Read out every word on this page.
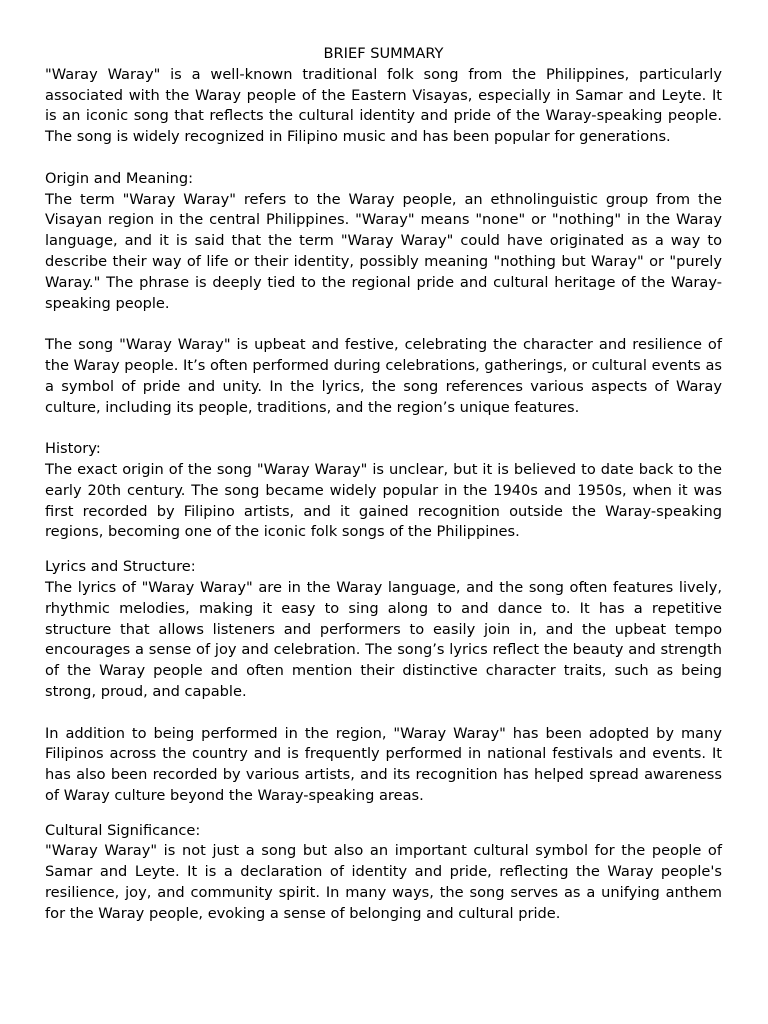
BRIEF SUMMARY

"Waray Waray" is a well-known traditional folk song from the Philippines, particularly associated with the Waray people of the Eastern Visayas, especially in Samar and Leyte. It is an iconic song that reflects the cultural identity and pride of the Waray-speaking people. The song is widely recognized in Filipino music and has been popular for generations.

Origin and Meaning:

The term "Waray Waray" refers to the Waray people, an ethnolinguistic group from the Visayan region in the central Philippines. "Waray" means "none" or "nothing" in the Waray language, and it is said that the term "Waray Waray" could have originated as a way to describe their way of life or their identity, possibly meaning "nothing but Waray" or "purely Waray." The phrase is deeply tied to the regional pride and cultural heritage of the Waray-speaking people.

The song "Waray Waray" is upbeat and festive, celebrating the character and resilience of the Waray people. It’s often performed during celebrations, gatherings, or cultural events as a symbol of pride and unity. In the lyrics, the song references various aspects of Waray culture, including its people, traditions, and the region’s unique features.

History:

The exact origin of the song "Waray Waray" is unclear, but it is believed to date back to the early 20th century. The song became widely popular in the 1940s and 1950s, when it was first recorded by Filipino artists, and it gained recognition outside the Waray-speaking regions, becoming one of the iconic folk songs of the Philippines.

Lyrics and Structure:

The lyrics of "Waray Waray" are in the Waray language, and the song often features lively, rhythmic melodies, making it easy to sing along to and dance to. It has a repetitive structure that allows listeners and performers to easily join in, and the upbeat tempo encourages a sense of joy and celebration. The song’s lyrics reflect the beauty and strength of the Waray people and often mention their distinctive character traits, such as being strong, proud, and capable.

In addition to being performed in the region, "Waray Waray" has been adopted by many Filipinos across the country and is frequently performed in national festivals and events. It has also been recorded by various artists, and its recognition has helped spread awareness of Waray culture beyond the Waray-speaking areas.

Cultural Significance:

"Waray Waray" is not just a song but also an important cultural symbol for the people of Samar and Leyte. It is a declaration of identity and pride, reflecting the Waray people's resilience, joy, and community spirit. In many ways, the song serves as a unifying anthem for the Waray people, evoking a sense of belonging and cultural pride.
